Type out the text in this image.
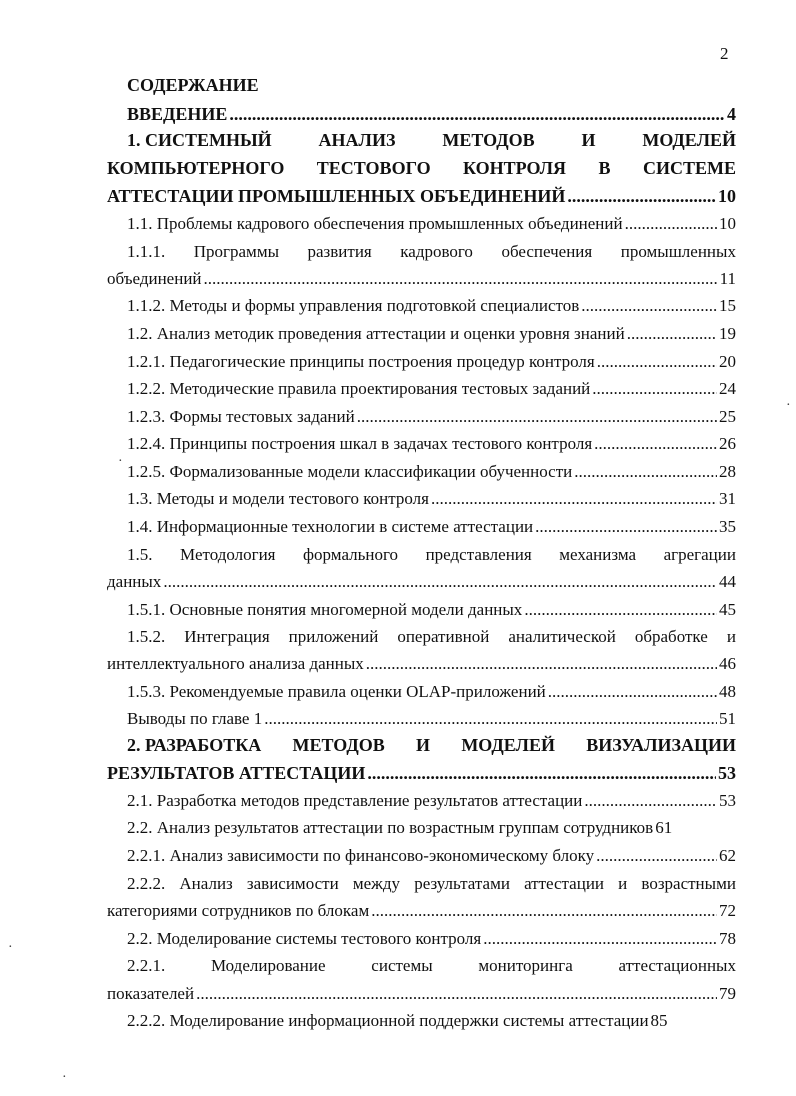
2
СОДЕРЖАНИЕ
ВВЕДЕНИЕ .....	4
1. СИСТЕМНЫЙ	АНАЛИЗ	МЕТОДОВ	И	МОДЕЛЕЙ
КОМПЬЮТЕРНОГО ТЕСТОВОГО КОНТРОЛЯ В СИСТЕМЕ
АТТЕСТАЦИИ ПРОМЫШЛЕННЫХ ОБЪЕДИНЕНИЙ .....	10
1.1. Проблемы кадрового обеспечения промышленных объединений .....	10
1.1.1. Программы развития кадрового обеспечения промышленных
объединений .....	11
1.1.2. Методы и формы управления подготовкой специалистов .....	15
1.2. Анализ методик проведения аттестации и оценки уровня знаний .....	19
1.2.1. Педагогические принципы построения процедур контроля .....	20
1.2.2. Методические правила проектирования тестовых заданий .....	24
1.2.3. Формы тестовых заданий .....	25
1.2.4. Принципы построения шкал в задачах тестового контроля .....	26
1.2.5. Формализованные модели классификации обученности .....	28
1.3. Методы и модели тестового контроля .....	31
1.4. Информационные технологии в системе аттестации .....	35
1.5. Методология формального представления механизма агрегации
данных .....	44
1.5.1. Основные понятия многомерной модели данных .....	45
1.5.2. Интеграция приложений оперативной аналитической обработке и
интеллектуального анализа данных .....	46
1.5.3. Рекомендуемые правила оценки OLAP-приложений .....	48
Выводы по главе 1 .....	51
2. РАЗРАБОТКА МЕТОДОВ И МОДЕЛЕЙ ВИЗУАЛИЗАЦИИ
РЕЗУЛЬТАТОВ АТТЕСТАЦИИ .....	53
2.1. Разработка методов представление результатов аттестации .....	53
2.2. Анализ результатов аттестации по возрастным группам сотрудников 61
2.2.1. Анализ зависимости по финансово-экономическому блоку .....	62
2.2.2. Анализ зависимости между результатами аттестации и возрастными
категориями сотрудников по блокам .....	72
2.2. Моделирование системы тестового контроля .....	78
2.2.1.	Моделирование	системы	мониторинга	аттестационных
показателей .....	79
2.2.2. Моделирование информационной поддержки системы аттестации 85
·
·
·
·
